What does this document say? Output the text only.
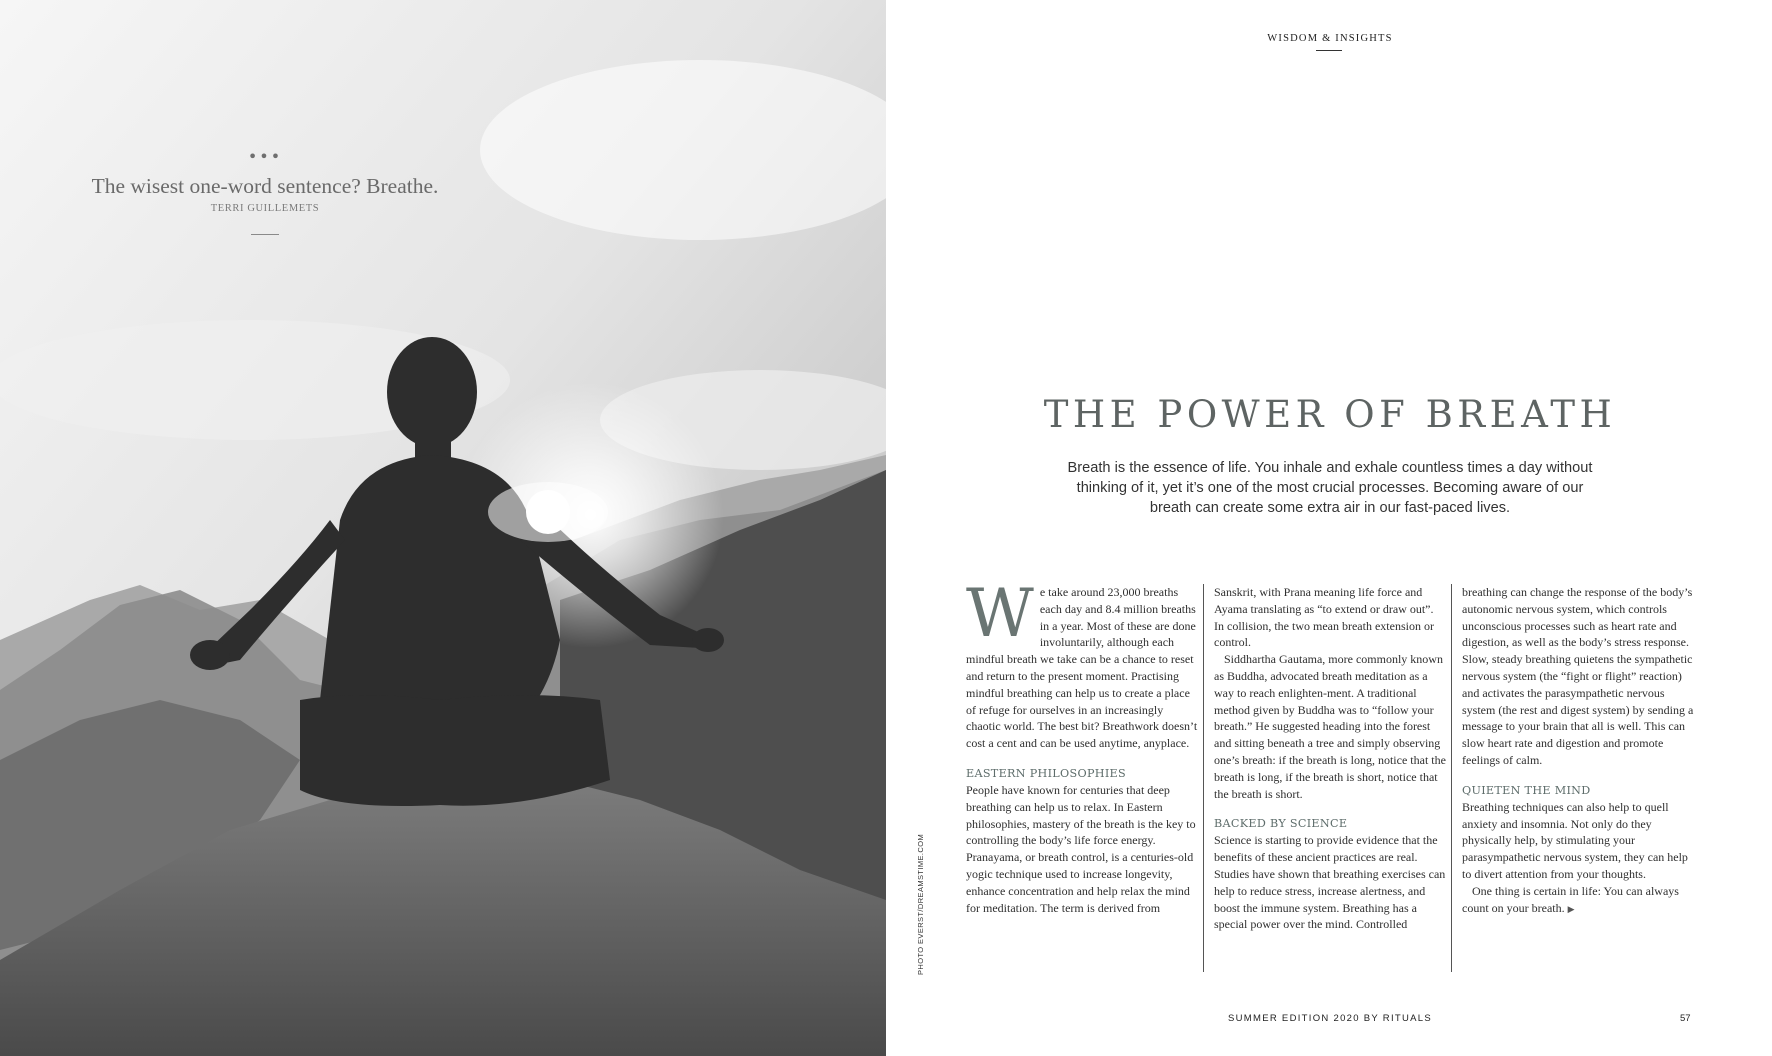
•••
The wisest one-word sentence? Breathe.
TERRI GUILLEMETS
PHOTO EVERST/DREAMSTIME.COM
WISDOM & INSIGHTS
THE POWER OF BREATH

Breath is the essence of life. You inhale and exhale countless times a day without thinking of it, yet it’s one of the most crucial processes. Becoming aware of our breath can create some extra air in our fast-paced lives.

W e take around 23,000 breaths each day and 8.4 million breaths in a year. Most of these are done involuntarily, although each mindful breath we take can be a chance to reset and return to the present moment. Practising mindful breathing can help us to create a place of refuge for ourselves in an increasingly chaotic world. The best bit? Breathwork doesn’t cost a cent and can be used anytime, anyplace.

EASTERN PHILOSOPHIES

People have known for centuries that deep breathing can help us to relax. In Eastern philosophies, mastery of the breath is the key to controlling the body’s life force energy. Pranayama, or breath control, is a centuries-old yogic technique used to increase longevity, enhance concentration and help relax the mind for meditation. The term is derived from

Sanskrit, with Prana meaning life force and Ayama translating as “to extend or draw out”. In collision, the two mean breath extension or control.

Siddhartha Gautama, more commonly known as Buddha, advocated breath meditation as a way to reach enlighten-ment. A traditional method given by Buddha was to “follow your breath.” He suggested heading into the forest and sitting beneath a tree and simply observing one’s breath: if the breath is long, notice that the breath is long, if the breath is short, notice that the breath is short.

BACKED BY SCIENCE

Science is starting to provide evidence that the benefits of these ancient practices are real. Studies have shown that breathing exercises can help to reduce stress, increase alertness, and boost the immune system. Breathing has a special power over the mind. Controlled

breathing can change the response of the body’s autonomic nervous system, which controls unconscious processes such as heart rate and digestion, as well as the body’s stress response. Slow, steady breathing quietens the sympathetic nervous system (the “fight or flight” reaction) and activates the parasympathetic nervous system (the rest and digest system) by sending a message to your brain that all is well. This can slow heart rate and digestion and promote feelings of calm.

QUIETEN THE MIND

Breathing techniques can also help to quell anxiety and insomnia. Not only do they physically help, by stimulating your parasympathetic nervous system, they can help to divert attention from your thoughts.

One thing is certain in life: You can always count on your breath. ▶

SUMMER EDITION 2020 BY RITUALS	57
